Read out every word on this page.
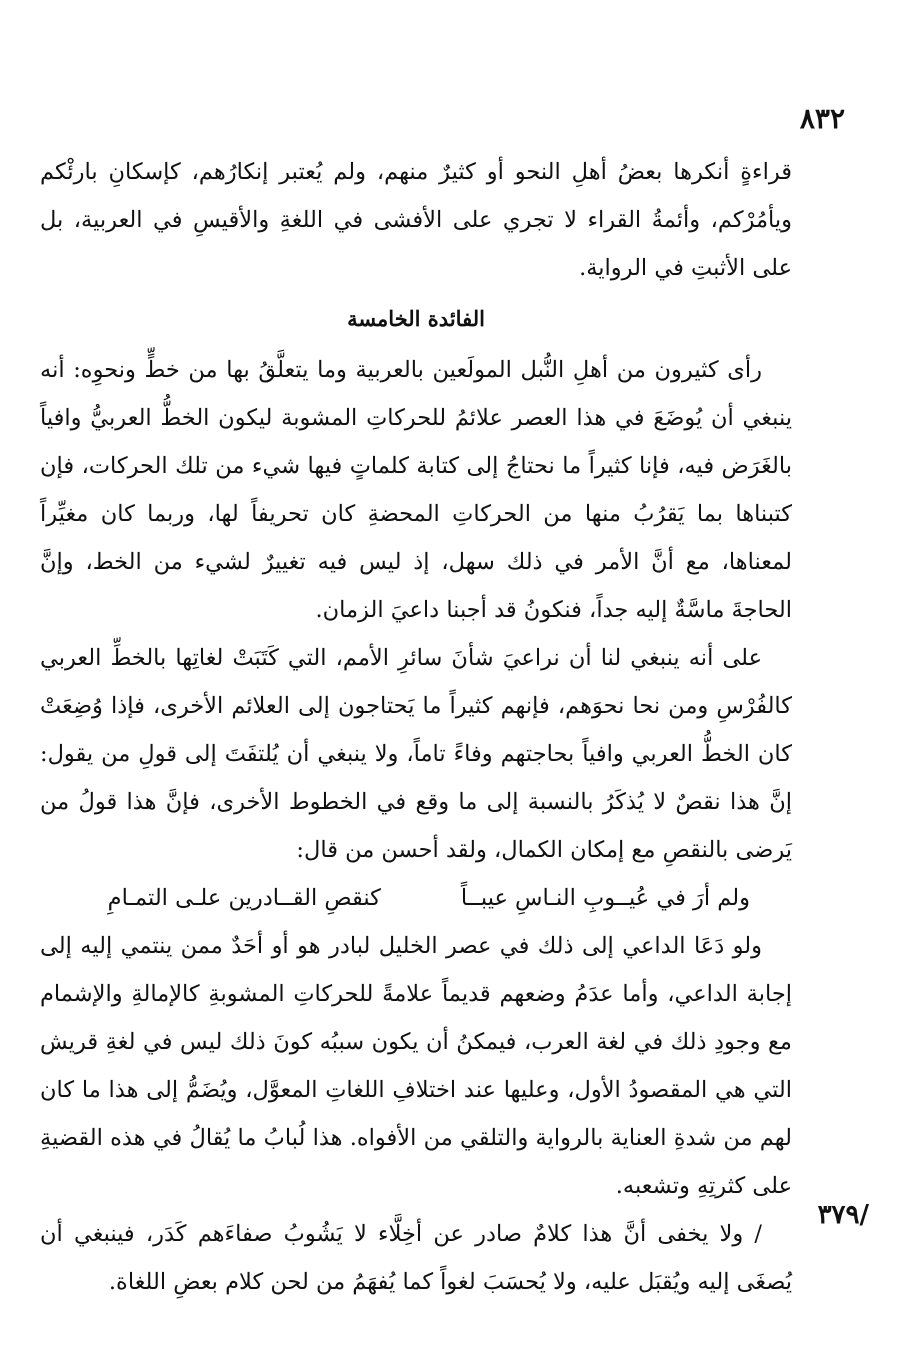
٨٣٢
/٣٧٩

قراءةٍ أنكرها بعضُ أهلِ النحو أو كثيرٌ منهم، ولم يُعتبر إنكارُهم، كإسكانِ بارئْكم ويأمُرْكم، وأئمةُ القراء لا تجري على الأفشى في اللغةِ والأقيسِ في العربية، بل على الأثبتِ في الرواية.

الفائدة الخامسة

رأى كثيرون من أهلِ النُّبل المولَعين بالعربية وما يتعلَّقُ بها من خطٍّ ونحوِه: أنه ينبغي أن يُوضَعَ في هذا العصر علائمُ للحركاتِ المشوبة ليكون الخطُّ العربيُّ وافياً بالغَرَض فيه، فإنا كثيراً ما نحتاجُ إلى كتابة كلماتٍ فيها شيء من تلك الحركات، فإن كتبناها بما يَقرُبُ منها من الحركاتِ المحضةِ كان تحريفاً لها، وربما كان مغيِّراً لمعناها، مع أنَّ الأمر في ذلك سهل، إذ ليس فيه تغييرٌ لشيء من الخط، وإنَّ الحاجةَ ماسَّةٌ إليه جداً، فنكونُ قد أجبنا داعيَ الزمان.

على أنه ينبغي لنا أن نراعيَ شأنَ سائرِ الأمم، التي كَتَبَتْ لغاتِها بالخطِّ العربي كالفُرْسِ ومن نحا نحوَهم، فإنهم كثيراً ما يَحتاجون إلى العلائم الأخرى، فإذا وُضِعَتْ كان الخطُّ العربي وافياً بحاجتهم وفاءً تاماً، ولا ينبغي أن يُلتفَتَ إلى قولِ من يقول: إنَّ هذا نقصٌ لا يُذكَرُ بالنسبة إلى ما وقع في الخطوط الأخرى، فإنَّ هذا قولُ من يَرضى بالنقصِ مع إمكان الكمال، ولقد أحسن من قال:

ولم أرَ في عُيــوبِ النـاسِ عيبــاً
كنقصِ القــادرين علـى التمـامِ

ولو دَعَا الداعي إلى ذلك في عصر الخليل لبادر هو أو أحَدٌ ممن ينتمي إليه إلى إجابة الداعي، وأما عدَمُ وضعهم قديماً علامةً للحركاتِ المشوبةِ كالإمالةِ والإشمام مع وجودِ ذلك في لغة العرب، فيمكنُ أن يكون سببُه كونَ ذلك ليس في لغةِ قريش التي هي المقصودُ الأول، وعليها عند اختلافِ اللغاتِ المعوَّل، ويُضَمُّ إلى هذا ما كان لهم من شدةِ العناية بالرواية والتلقي من الأفواه. هذا لُبابُ ما يُقالُ في هذه القضيةِ على كثرتِهِ وتشعبه.

/ ولا يخفى أنَّ هذا كلامٌ صادر عن أخِلَّاء لا يَشُوبُ صفاءَهم كَدَر، فينبغي أن يُصغَى إليه ويُقبَل عليه، ولا يُحسَبَ لغواً كما يُفهَمُ من لحن كلام بعضِ اللغاة.
